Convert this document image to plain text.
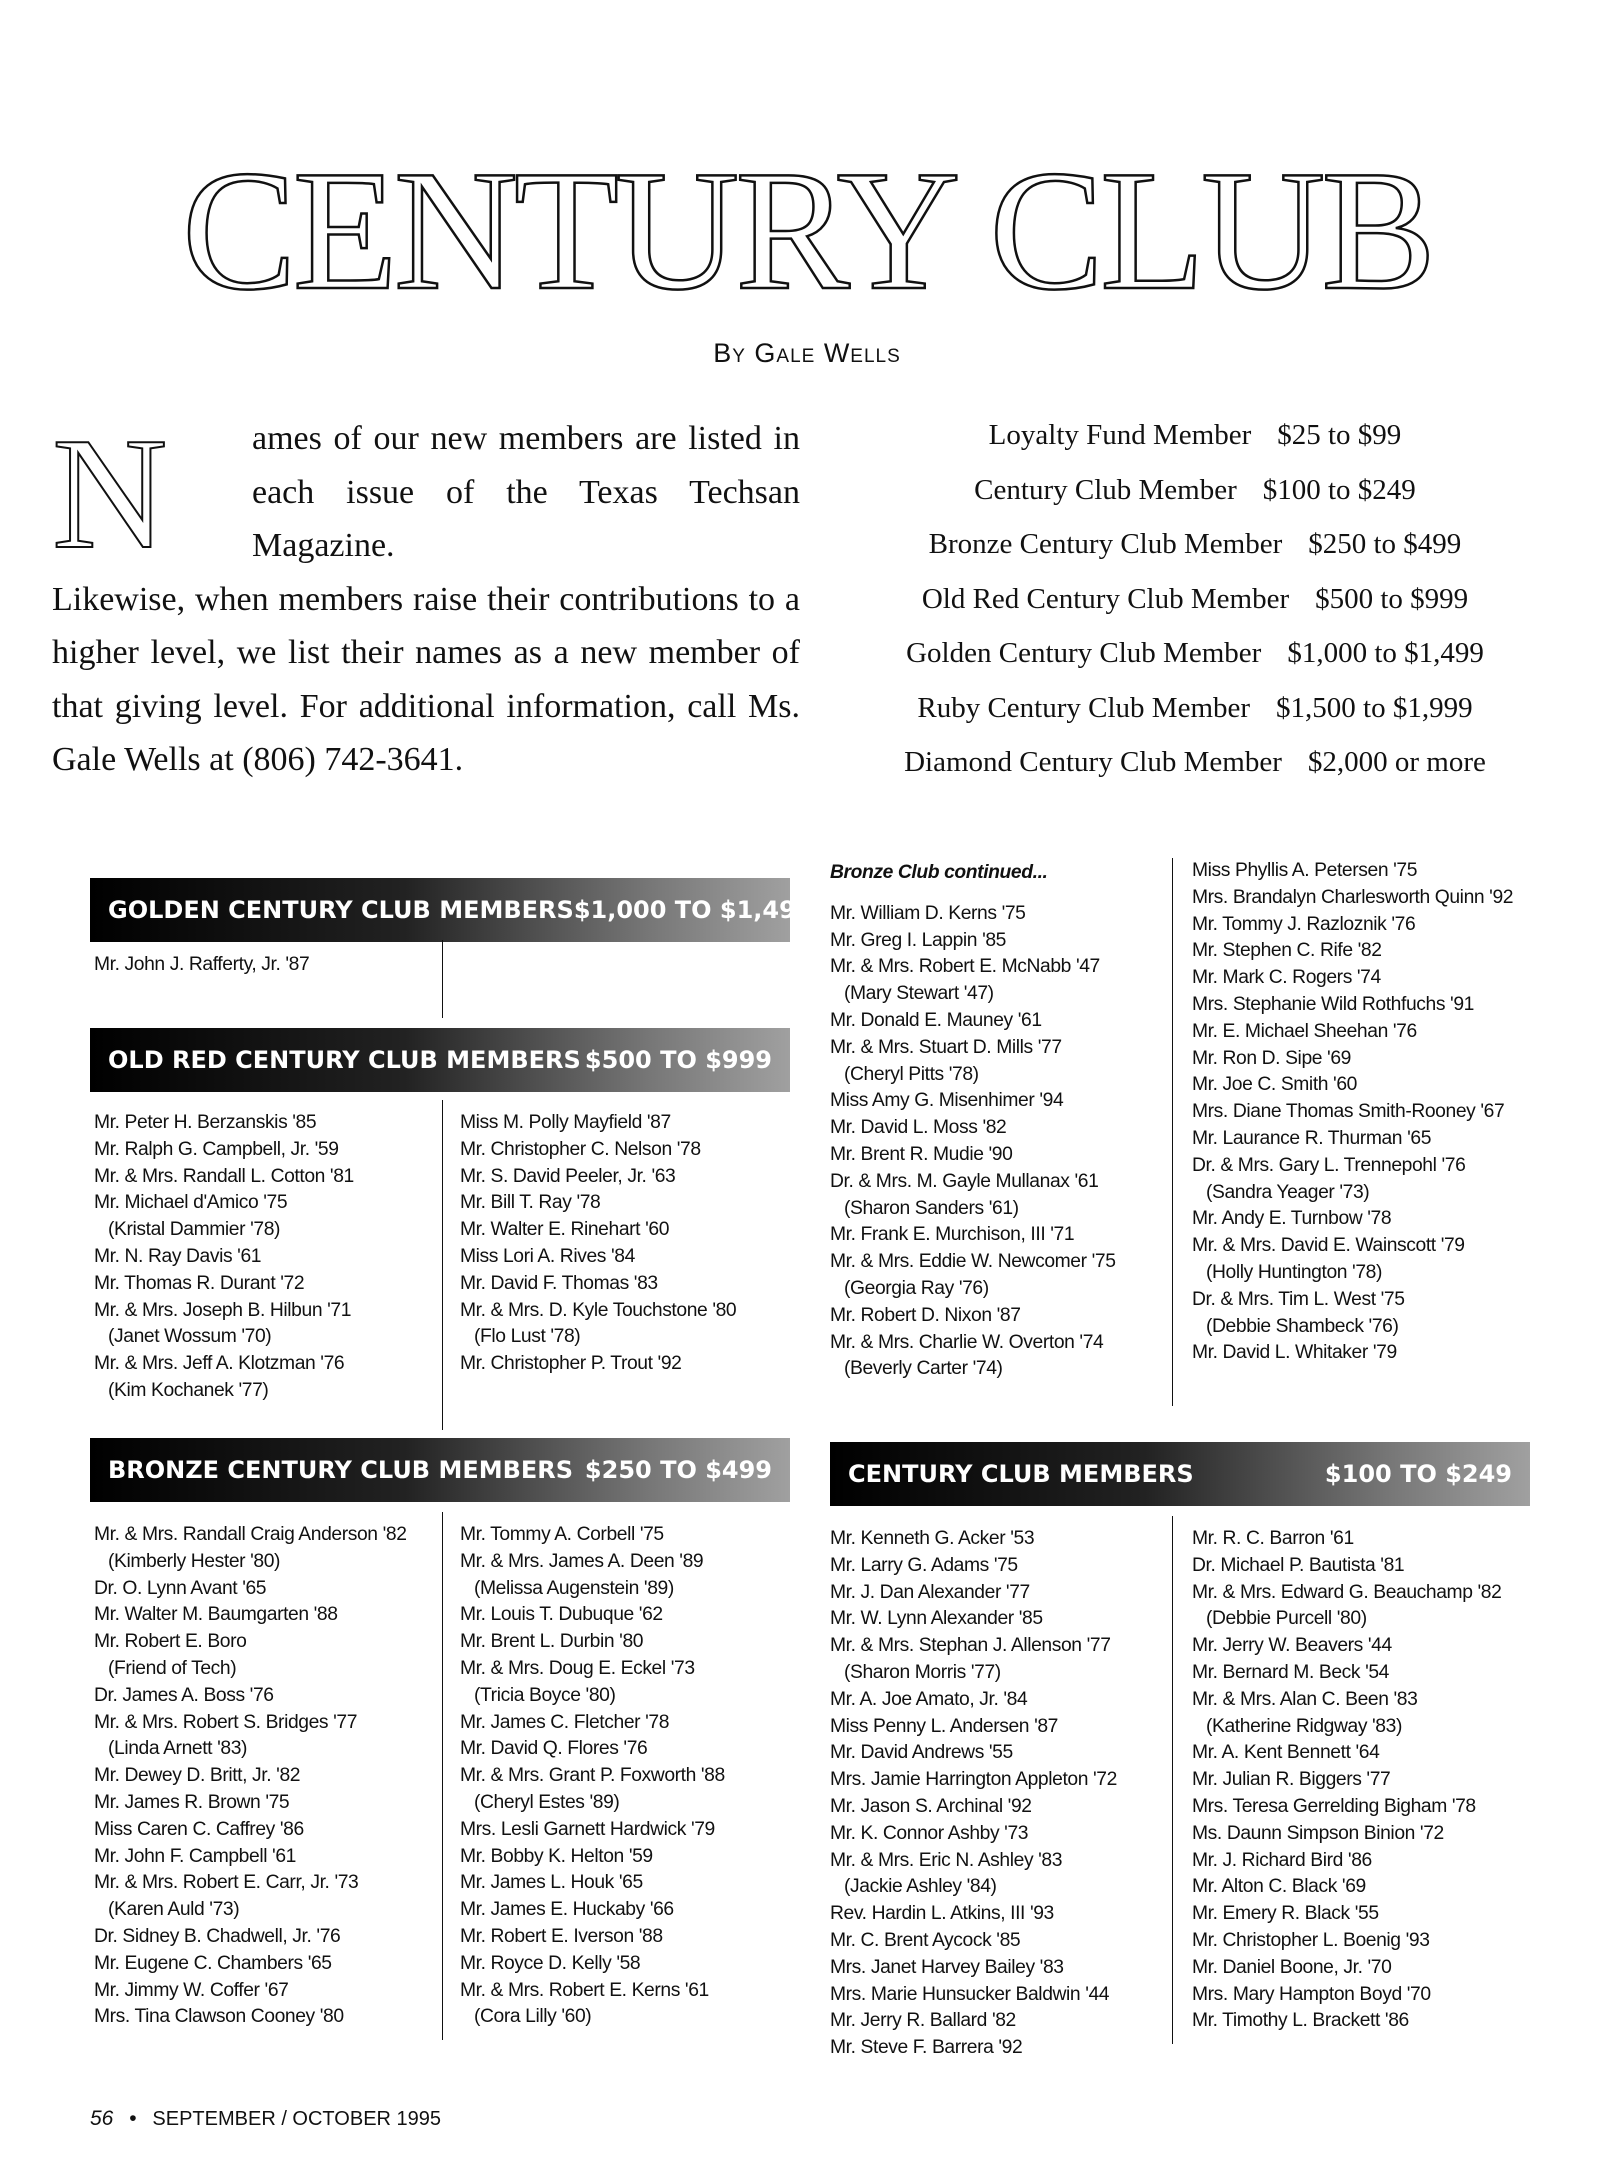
CENTURY CLUB
By Gale Wells
N	ames of our new members are listed in each issue of the Texas Techsan Magazine.
Likewise, when members raise their contributions to a higher level, we list their names as a new member of that giving level. For additional information, call Ms. Gale Wells at (806) 742-3641.
Loyalty Fund Member $25 to $99
Century Club Member $100 to $249
Bronze Century Club Member $250 to $499
Old Red Century Club Member $500 to $999
Golden Century Club Member $1,000 to $1,499
Ruby Century Club Member $1,500 to $1,999
Diamond Century Club Member $2,000 or more
GOLDEN CENTURY CLUB MEMBERS $1,000 TO $1,499
Mr. John J. Rafferty, Jr. '87
OLD RED CENTURY CLUB MEMBERS $500 TO $999
Mr. Peter H. Berzanskis '85
Mr. Ralph G. Campbell, Jr. '59
Mr. & Mrs. Randall L. Cotton '81
Mr. Michael d'Amico '75
(Kristal Dammier '78)
Mr. N. Ray Davis '61
Mr. Thomas R. Durant '72
Mr. & Mrs. Joseph B. Hilbun '71
(Janet Wossum '70)
Mr. & Mrs. Jeff A. Klotzman '76
(Kim Kochanek '77)
Miss M. Polly Mayfield '87
Mr. Christopher C. Nelson '78
Mr. S. David Peeler, Jr. '63
Mr. Bill T. Ray '78
Mr. Walter E. Rinehart '60
Miss Lori A. Rives '84
Mr. David F. Thomas '83
Mr. & Mrs. D. Kyle Touchstone '80
(Flo Lust '78)
Mr. Christopher P. Trout '92
Bronze Club continued...
Mr. William D. Kerns '75
Mr. Greg I. Lappin '85
Mr. & Mrs. Robert E. McNabb '47
(Mary Stewart '47)
Mr. Donald E. Mauney '61
Mr. & Mrs. Stuart D. Mills '77
(Cheryl Pitts '78)
Miss Amy G. Misenhimer '94
Mr. David L. Moss '82
Mr. Brent R. Mudie '90
Dr. & Mrs. M. Gayle Mullanax '61
(Sharon Sanders '61)
Mr. Frank E. Murchison, III '71
Mr. & Mrs. Eddie W. Newcomer '75
(Georgia Ray '76)
Mr. Robert D. Nixon '87
Mr. & Mrs. Charlie W. Overton '74
(Beverly Carter '74)
Miss Phyllis A. Petersen '75
Mrs. Brandalyn Charlesworth Quinn '92
Mr. Tommy J. Razloznik '76
Mr. Stephen C. Rife '82
Mr. Mark C. Rogers '74
Mrs. Stephanie Wild Rothfuchs '91
Mr. E. Michael Sheehan '76
Mr. Ron D. Sipe '69
Mr. Joe C. Smith '60
Mrs. Diane Thomas Smith-Rooney '67
Mr. Laurance R. Thurman '65
Dr. & Mrs. Gary L. Trennepohl '76
(Sandra Yeager '73)
Mr. Andy E. Turnbow '78
Mr. & Mrs. David E. Wainscott '79
(Holly Huntington '78)
Dr. & Mrs. Tim L. West '75
(Debbie Shambeck '76)
Mr. David L. Whitaker '79
BRONZE CENTURY CLUB MEMBERS $250 TO $499
Mr. & Mrs. Randall Craig Anderson '82
(Kimberly Hester '80)
Dr. O. Lynn Avant '65
Mr. Walter M. Baumgarten '88
Mr. Robert E. Boro
(Friend of Tech)
Dr. James A. Boss '76
Mr. & Mrs. Robert S. Bridges '77
(Linda Arnett '83)
Mr. Dewey D. Britt, Jr. '82
Mr. James R. Brown '75
Miss Caren C. Caffrey '86
Mr. John F. Campbell '61
Mr. & Mrs. Robert E. Carr, Jr. '73
(Karen Auld '73)
Dr. Sidney B. Chadwell, Jr. '76
Mr. Eugene C. Chambers '65
Mr. Jimmy W. Coffer '67
Mrs. Tina Clawson Cooney '80
Mr. Tommy A. Corbell '75
Mr. & Mrs. James A. Deen '89
(Melissa Augenstein '89)
Mr. Louis T. Dubuque '62
Mr. Brent L. Durbin '80
Mr. & Mrs. Doug E. Eckel '73
(Tricia Boyce '80)
Mr. James C. Fletcher '78
Mr. David Q. Flores '76
Mr. & Mrs. Grant P. Foxworth '88
(Cheryl Estes '89)
Mrs. Lesli Garnett Hardwick '79
Mr. Bobby K. Helton '59
Mr. James L. Houk '65
Mr. James E. Huckaby '66
Mr. Robert E. Iverson '88
Mr. Royce D. Kelly '58
Mr. & Mrs. Robert E. Kerns '61
(Cora Lilly '60)
CENTURY CLUB MEMBERS	$100 TO $249
Mr. Kenneth G. Acker '53
Mr. Larry G. Adams '75
Mr. J. Dan Alexander '77
Mr. W. Lynn Alexander '85
Mr. & Mrs. Stephan J. Allenson '77
(Sharon Morris '77)
Mr. A. Joe Amato, Jr. '84
Miss Penny L. Andersen '87
Mr. David Andrews '55
Mrs. Jamie Harrington Appleton '72
Mr. Jason S. Archinal '92
Mr. K. Connor Ashby '73
Mr. & Mrs. Eric N. Ashley '83
(Jackie Ashley '84)
Rev. Hardin L. Atkins, III '93
Mr. C. Brent Aycock '85
Mrs. Janet Harvey Bailey '83
Mrs. Marie Hunsucker Baldwin '44
Mr. Jerry R. Ballard '82
Mr. Steve F. Barrera '92
Mr. R. C. Barron '61
Dr. Michael P. Bautista '81
Mr. & Mrs. Edward G. Beauchamp '82
(Debbie Purcell '80)
Mr. Jerry W. Beavers '44
Mr. Bernard M. Beck '54
Mr. & Mrs. Alan C. Been '83
(Katherine Ridgway '83)
Mr. A. Kent Bennett '64
Mr. Julian R. Biggers '77
Mrs. Teresa Gerrelding Bigham '78
Ms. Daunn Simpson Binion '72
Mr. J. Richard Bird '86
Mr. Alton C. Black '69
Mr. Emery R. Black '55
Mr. Christopher L. Boenig '93
Mr. Daniel Boone, Jr. '70
Mrs. Mary Hampton Boyd '70
Mr. Timothy L. Brackett '86
56 • SEPTEMBER / OCTOBER 1995
